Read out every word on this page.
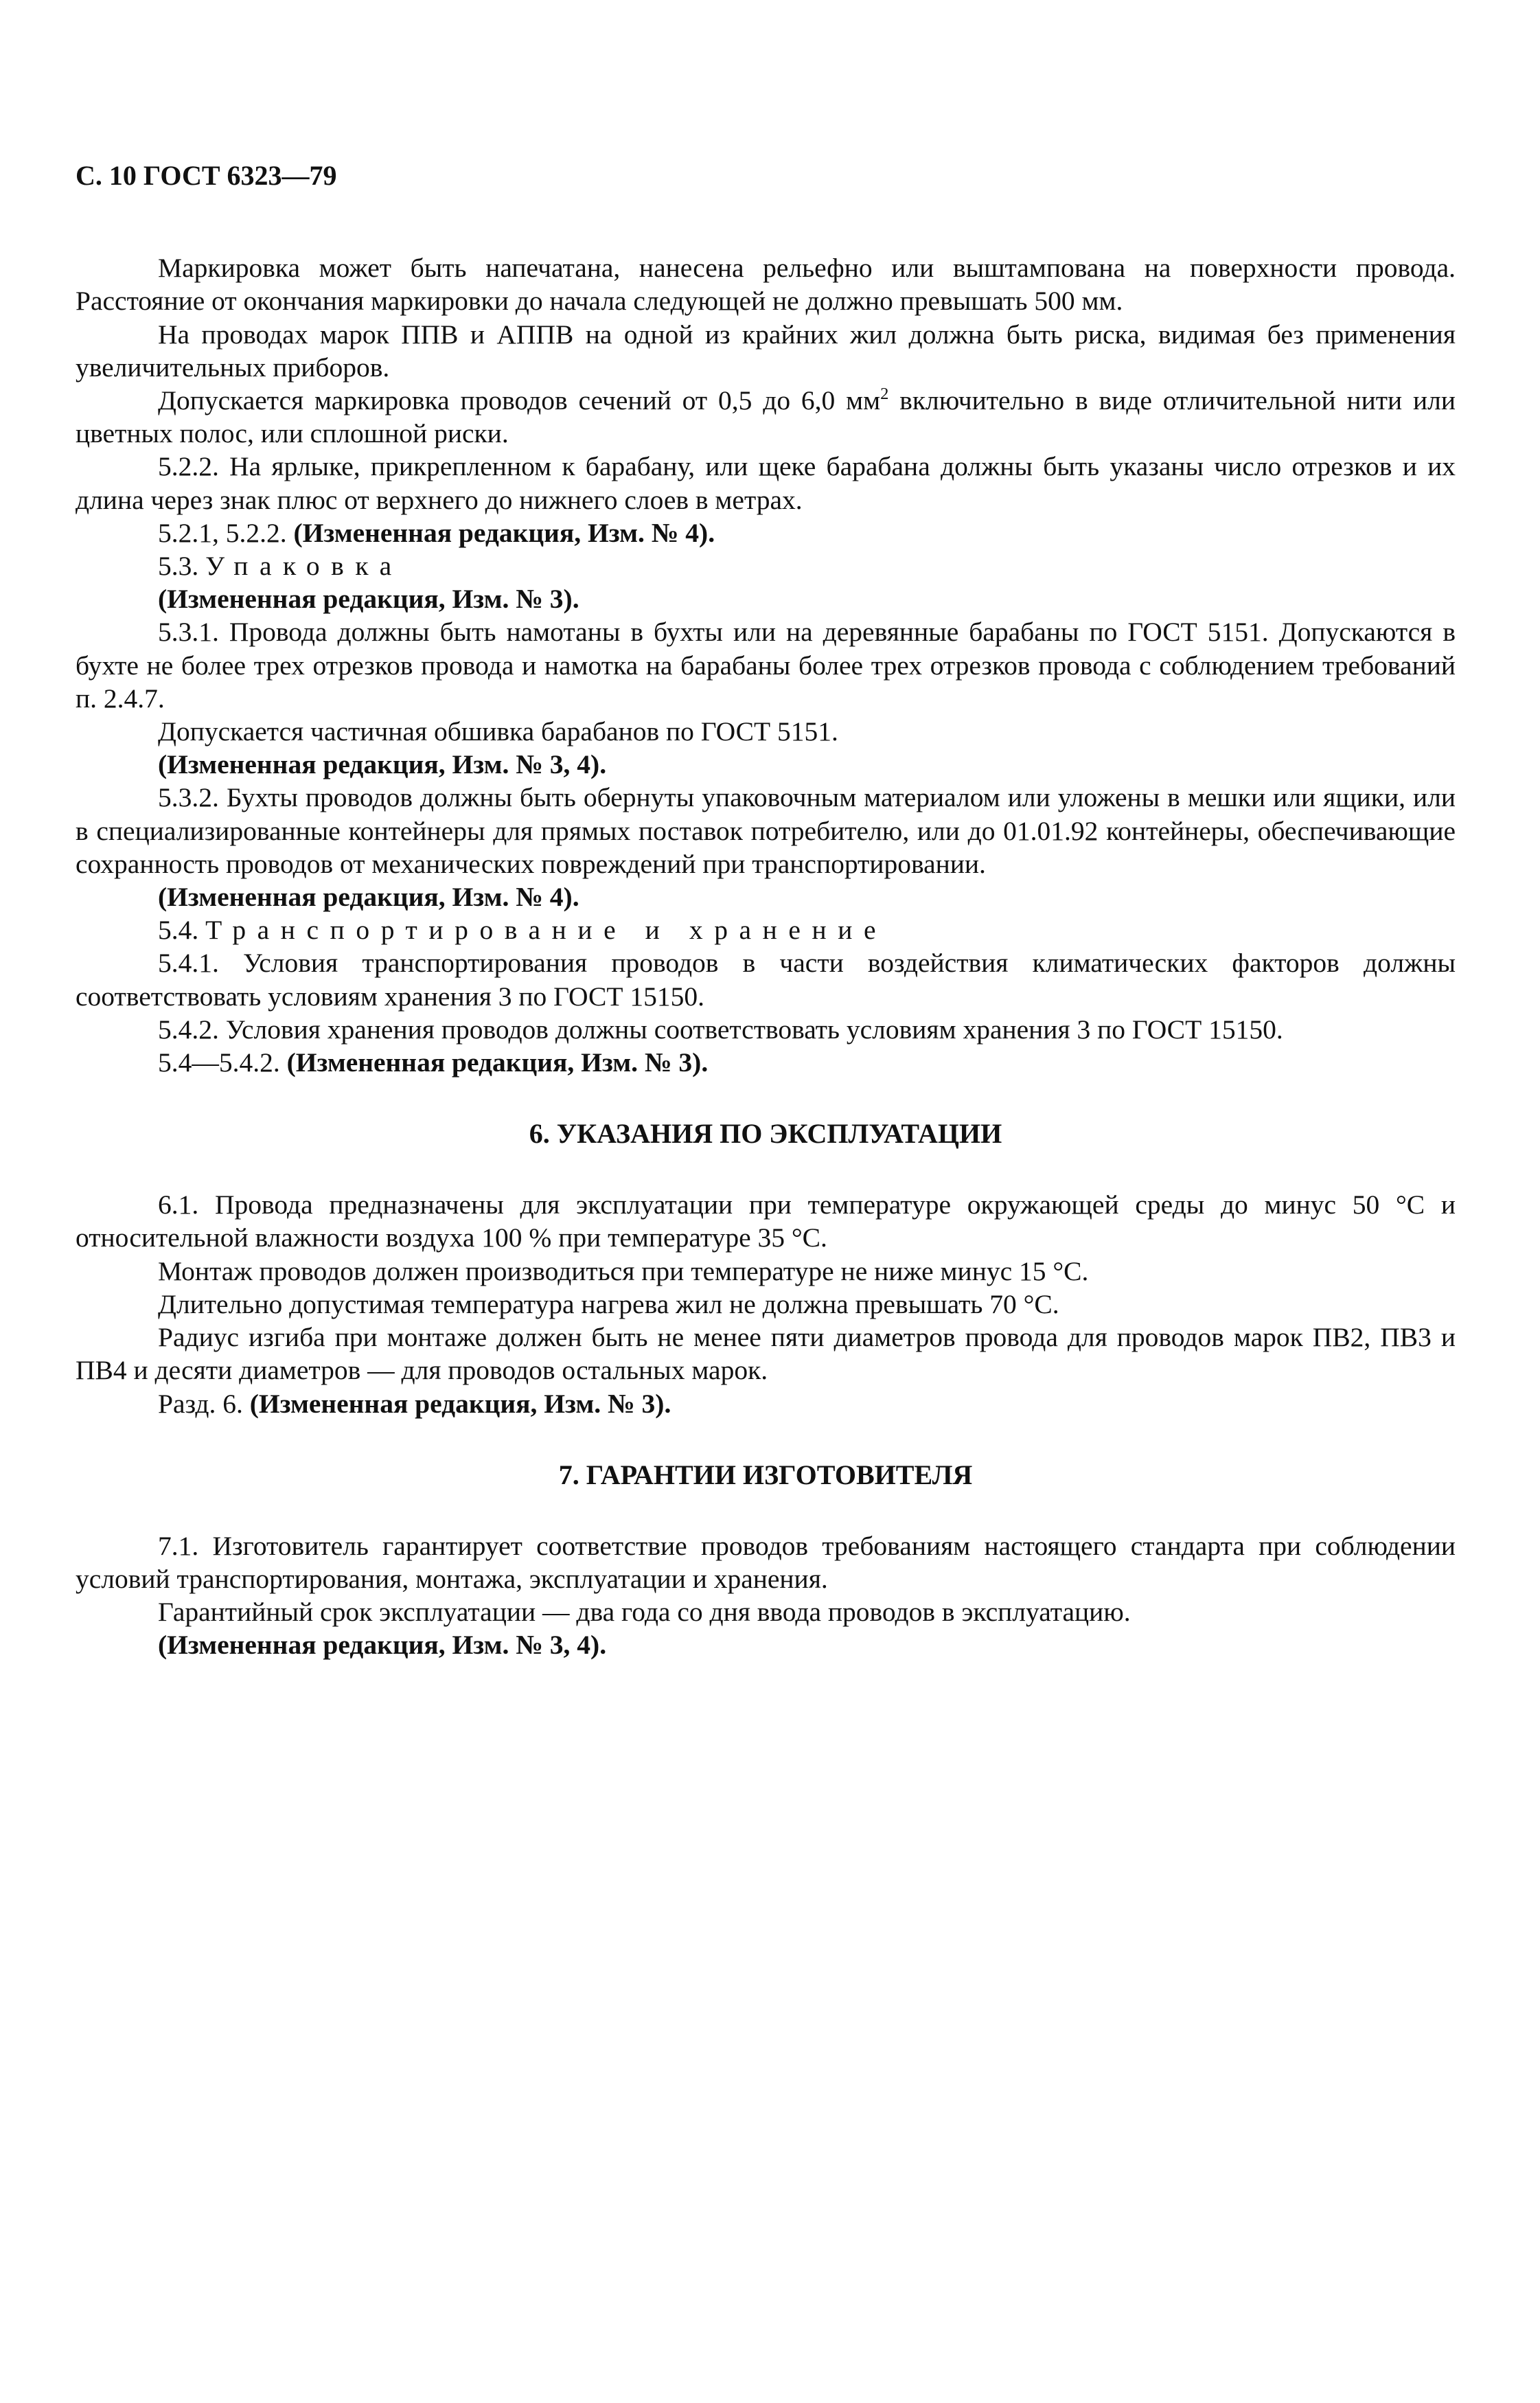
С. 10 ГОСТ 6323—79

Маркировка может быть напечатана, нанесена рельефно или выштампована на поверхности провода. Расстояние от окончания маркировки до начала следующей не должно превышать 500 мм.

На проводах марок ППВ и АППВ на одной из крайних жил должна быть риска, видимая без применения увеличительных приборов.

Допускается маркировка проводов сечений от 0,5 до 6,0 $мм^2$ включительно в виде отличительной нити или цветных полос, или сплошной риски.

5.2.2. На ярлыке, прикрепленном к барабану, или щеке барабана должны быть указаны число отрезков и их длина через знак плюс от верхнего до нижнего слоев в метрах.

5.2.1, 5.2.2. (Измененная редакция, Изм. № 4).

5.3. Упаковка

(Измененная редакция, Изм. № 3).

5.3.1. Провода должны быть намотаны в бухты или на деревянные барабаны по ГОСТ 5151. Допускаются в бухте не более трех отрезков провода и намотка на барабаны более трех отрезков провода с соблюдением требований п. 2.4.7.

Допускается частичная обшивка барабанов по ГОСТ 5151.

(Измененная редакция, Изм. № 3, 4).

5.3.2. Бухты проводов должны быть обернуты упаковочным материалом или уложены в мешки или ящики, или в специализированные контейнеры для прямых поставок потребителю, или до 01.01.92 контейнеры, обеспечивающие сохранность проводов от механических повреждений при транспортировании.

(Измененная редакция, Изм. № 4).

5.4. Транспортирование и хранение

5.4.1. Условия транспортирования проводов в части воздействия климатических факторов должны соответствовать условиям хранения 3 по ГОСТ 15150.

5.4.2. Условия хранения проводов должны соответствовать условиям хранения 3 по ГОСТ 15150.

5.4—5.4.2. (Измененная редакция, Изм. № 3).

6. УКАЗАНИЯ ПО ЭКСПЛУАТАЦИИ

6.1. Провода предназначены для эксплуатации при температуре окружающей среды до минус 50 °С и относительной влажности воздуха 100 % при температуре 35 °С.

Монтаж проводов должен производиться при температуре не ниже минус 15 °С.

Длительно допустимая температура нагрева жил не должна превышать 70 °С.

Радиус изгиба при монтаже должен быть не менее пяти диаметров провода для проводов марок ПВ2, ПВ3 и ПВ4 и десяти диаметров — для проводов остальных марок.

Разд. 6. (Измененная редакция, Изм. № 3).

7. ГАРАНТИИ ИЗГОТОВИТЕЛЯ

7.1. Изготовитель гарантирует соответствие проводов требованиям настоящего стандарта при соблюдении условий транспортирования, монтажа, эксплуатации и хранения.

Гарантийный срок эксплуатации — два года со дня ввода проводов в эксплуатацию.

(Измененная редакция, Изм. № 3, 4).
